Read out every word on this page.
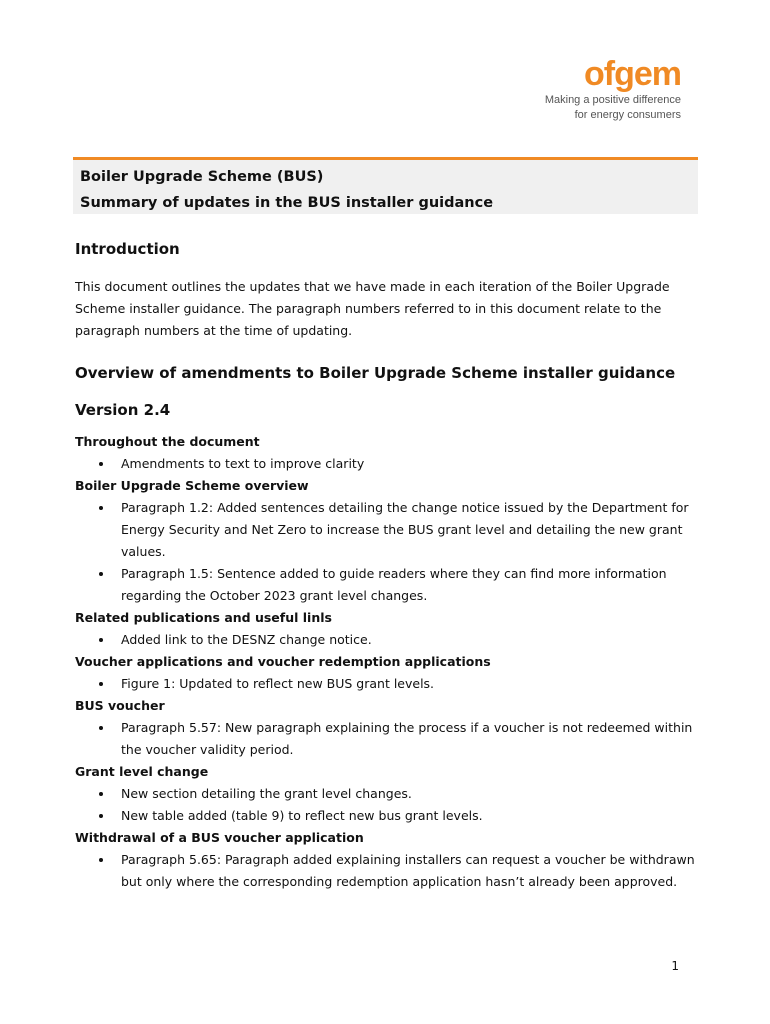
ofgem
Making a positive difference
for energy consumers
Boiler Upgrade Scheme (BUS)
Summary of updates in the BUS installer guidance
Introduction

This document outlines the updates that we have made in each iteration of the Boiler Upgrade Scheme installer guidance. The paragraph numbers referred to in this document relate to the paragraph numbers at the time of updating.

Overview of amendments to Boiler Upgrade Scheme installer guidance
Version 2.4
Throughout the document
Amendments to text to improve clarity
Boiler Upgrade Scheme overview
Paragraph 1.2: Added sentences detailing the change notice issued by the Department for Energy Security and Net Zero to increase the BUS grant level and detailing the new grant values.
Paragraph 1.5: Sentence added to guide readers where they can find more information regarding the October 2023 grant level changes.
Related publications and useful linls
Added link to the DESNZ change notice.
Voucher applications and voucher redemption applications
Figure 1: Updated to reflect new BUS grant levels.
BUS voucher
Paragraph 5.57: New paragraph explaining the process if a voucher is not redeemed within the voucher validity period.
Grant level change
New section detailing the grant level changes.
New table added (table 9) to reflect new bus grant levels.
Withdrawal of a BUS voucher application
Paragraph 5.65: Paragraph added explaining installers can request a voucher be withdrawn but only where the corresponding redemption application hasn’t already been approved.
1
